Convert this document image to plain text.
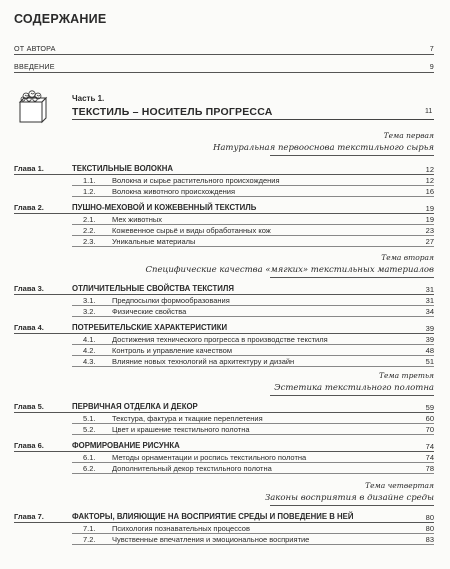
СОДЕРЖАНИЕ
ОТ АВТОРА	7
ВВЕДЕНИЕ	9
Часть 1.
ТЕКСТИЛЬ – НОСИТЕЛЬ ПРОГРЕССА	11
Тема первая
Натуральная первооснова текстильного сырья
Глава 1.	ТЕКСТИЛЬНЫЕ ВОЛОКНА	12
1.1. Волокна и сырье растительного происхождения	12
1.2. Волокна животного происхождения	16
Глава 2.	ПУШНО-МЕХОВОЙ И КОЖЕВЕННЫЙ ТЕКСТИЛЬ	19
2.1. Мех животных	19
2.2. Кожевенное сырьё и виды обработанных кож	23
2.3. Уникальные материалы	27
Тема вторая
Специфические качества «мягких» текстильных материалов
Глава 3.	ОТЛИЧИТЕЛЬНЫЕ СВОЙСТВА ТЕКСТИЛЯ	31
3.1. Предпосылки формообразования	31
3.2. Физические свойства	34
Глава 4.	ПОТРЕБИТЕЛЬСКИЕ ХАРАКТЕРИСТИКИ	39
4.1. Достижения технического прогресса в производстве текстиля	39
4.2. Контроль и управление качеством	48
4.3. Влияние новых технологий на архитектуру и дизайн	51
Тема третья
Эстетика текстильного полотна
Глава 5.	ПЕРВИЧНАЯ ОТДЕЛКА И ДЕКОР	59
5.1. Текстура, фактура и ткацкие переплетения	60
5.2. Цвет и крашение текстильного полотна	70
Глава 6.	ФОРМИРОВАНИЕ РИСУНКА	74
6.1. Методы орнаментации и роспись текстильного полотна	74
6.2. Дополнительный декор текстильного полотна	78
Тема четвертая
Законы восприятия в дизайне среды
Глава 7.	ФАКТОРЫ, ВЛИЯЮЩИЕ НА ВОСПРИЯТИЕ СРЕДЫ И ПОВЕДЕНИЕ В НЕЙ	80
7.1. Психология познавательных процессов	80
7.2. Чувственные впечатления и эмоциональное восприятие	83
